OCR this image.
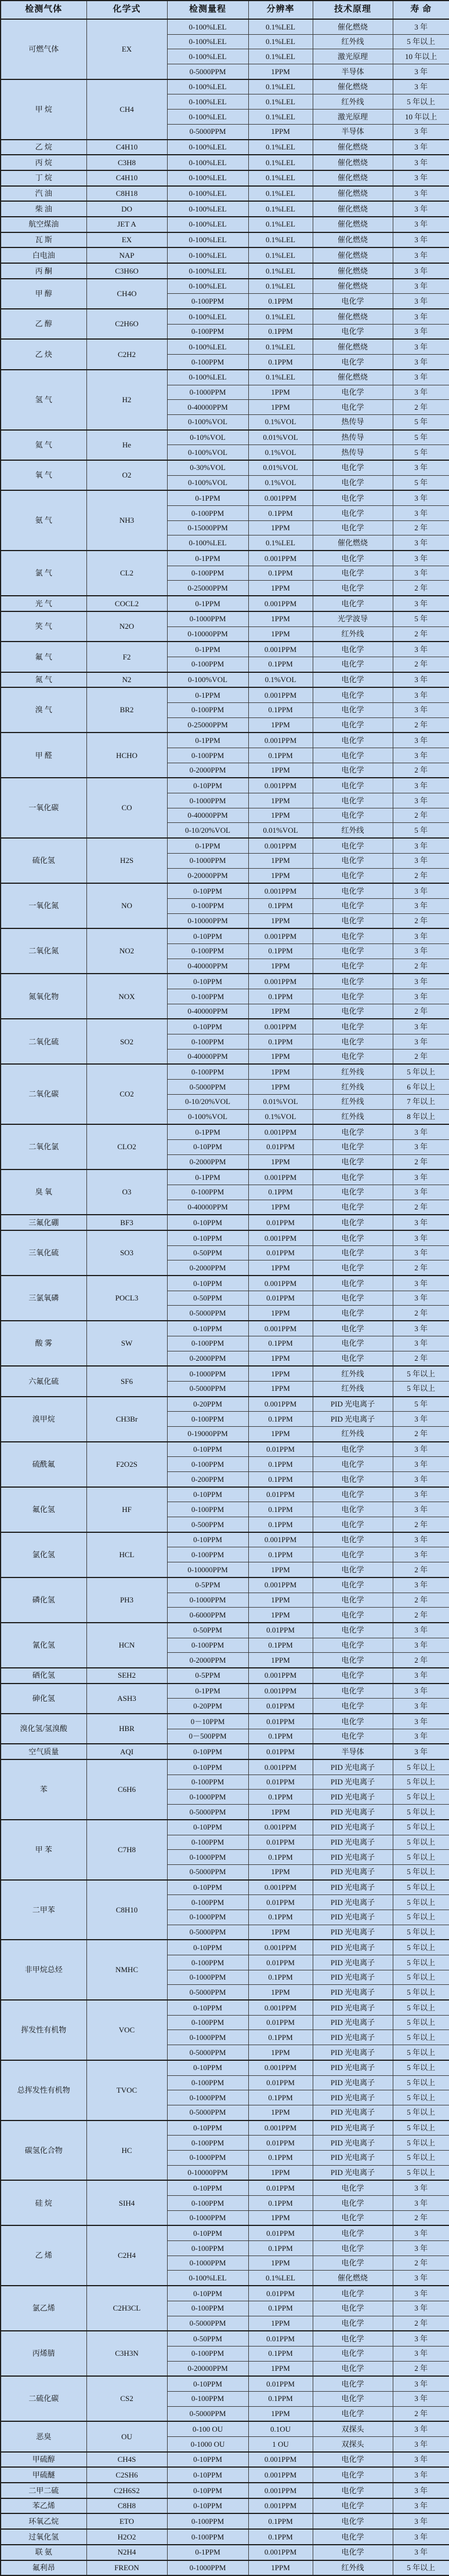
检测气体	化学式	检测量程	分辨率	技术原理	寿 命
可燃气体	EX	0-100%LEL	0.1%LEL	催化燃烧	3 年
		0-100%LEL	0.1%LEL	红外线	5 年以上
		0-100%LEL	0.1%LEL	激光原理	10 年以上
		0-5000PPM	1PPM	半导体	3 年
甲 烷	CH4	0-100%LEL	0.1%LEL	催化燃烧	3 年
		0-100%LEL	0.1%LEL	红外线	5 年以上
		0-100%LEL	0.1%LEL	激光原理	10 年以上
		0-5000PPM	1PPM	半导体	3 年
乙 烷	C4H10	0-100%LEL	0.1%LEL	催化燃烧	3 年
丙 烷	C3H8	0-100%LEL	0.1%LEL	催化燃烧	3 年
丁 烷	C4H10	0-100%LEL	0.1%LEL	催化燃烧	3 年
汽 油	C8H18	0-100%LEL	0.1%LEL	催化燃烧	3 年
柴 油	DO	0-100%LEL	0.1%LEL	催化燃烧	3 年
航空煤油	JET A	0-100%LEL	0.1%LEL	催化燃烧	3 年
瓦 斯	EX	0-100%LEL	0.1%LEL	催化燃烧	3 年
白电油	NAP	0-100%LEL	0.1%LEL	催化燃烧	3 年
丙 酮	C3H6O	0-100%LEL	0.1%LEL	催化燃烧	3 年
甲 醇	CH4O	0-100%LEL	0.1%LEL	催化燃烧	3 年
		0-100PPM	0.1PPM	电化学	3 年
乙 醇	C2H6O	0-100%LEL	0.1%LEL	催化燃烧	3 年
		0-100PPM	0.1PPM	电化学	3 年
乙 炔	C2H2	0-100%LEL	0.1%LEL	催化燃烧	3 年
		0-100PPM	0.1PPM	电化学	3 年
氢 气	H2	0-100%LEL	0.1%LEL	催化燃烧	3 年
		0-1000PPM	1PPM	电化学	3 年
		0-40000PPM	1PPM	电化学	2 年
		0-100%VOL	0.1%VOL	热传导	5 年
氦 气	He	0-10%VOL	0.01%VOL	热传导	5 年
		0-100%VOL	0.1%VOL	热传导	5 年
氧 气	O2	0-30%VOL	0.01%VOL	电化学	3 年
		0-100%VOL	0.1%VOL	电化学	5 年
氨 气	NH3	0-1PPM	0.001PPM	电化学	3 年
		0-100PPM	0.1PPM	电化学	3 年
		0-15000PPM	1PPM	电化学	2 年
		0-100%LEL	0.1%LEL	催化燃烧	3 年
氯 气	CL2	0-1PPM	0.001PPM	电化学	3 年
		0-100PPM	0.1PPM	电化学	3 年
		0-25000PPM	1PPM	电化学	2 年
光 气	COCL2	0-1PPM	0.001PPM	电化学	3 年
笑 气	N2O	0-1000PPM	1PPM	光学波导	5 年
		0-10000PPM	1PPM	红外线	2 年
氟 气	F2	0-1PPM	0.001PPM	电化学	3 年
		0-100PPM	0.1PPM	电化学	2 年
氮 气	N2	0-100%VOL	0.1%VOL	电化学	3 年
溴 气	BR2	0-1PPM	0.001PPM	电化学	3 年
		0-100PPM	0.1PPM	电化学	3 年
		0-25000PPM	1PPM	电化学	2 年
甲 醛	HCHO	0-1PPM	0.001PPM	电化学	3 年
		0-100PPM	0.1PPM	电化学	3 年
		0-2000PPM	1PPM	电化学	2 年
一氧化碳	CO	0-10PPM	0.001PPM	电化学	3 年
		0-1000PPM	1PPM	电化学	3 年
		0-40000PPM	1PPM	电化学	2 年
		0-10/20%VOL	0.01%VOL	红外线	5 年
硫化氢	H2S	0-1PPM	0.001PPM	电化学	3 年
		0-1000PPM	1PPM	电化学	3 年
		0-20000PPM	1PPM	电化学	2 年
一氧化氮	NO	0-10PPM	0.001PPM	电化学	3 年
		0-100PPM	0.1PPM	电化学	3 年
		0-10000PPM	1PPM	电化学	2 年
二氧化氮	NO2	0-10PPM	0.001PPM	电化学	3 年
		0-100PPM	0.1PPM	电化学	3 年
		0-40000PPM	1PPM	电化学	2 年
氮氧化物	NOX	0-10PPM	0.001PPM	电化学	3 年
		0-100PPM	0.1PPM	电化学	3 年
		0-40000PPM	1PPM	电化学	2 年
二氧化硫	SO2	0-10PPM	0.001PPM	电化学	3 年
		0-100PPM	0.1PPM	电化学	3 年
		0-40000PPM	1PPM	电化学	2 年
二氧化碳	CO2	0-100PPM	1PPM	红外线	5 年以上
		0-5000PPM	1PPM	红外线	6 年以上
		0-10/20%VOL	0.01%VOL	红外线	7 年以上
		0-100%VOL	0.1%VOL	红外线	8 年以上
二氧化氯	CLO2	0-1PPM	0.001PPM	电化学	3 年
		0-10PPM	0.01PPM	电化学	3 年
		0-2000PPM	1PPM	电化学	2 年
臭 氧	O3	0-1PPM	0.001PPM	电化学	3 年
		0-100PPM	0.1PPM	电化学	3 年
		0-40000PPM	1PPM	电化学	2 年
三氟化硼	BF3	0-10PPM	0.01PPM	电化学	3 年
三氧化硫	SO3	0-10PPM	0.001PPM	电化学	3 年
		0-50PPM	0.01PPM	电化学	3 年
		0-2000PPM	1PPM	电化学	2 年
三氯氧磷	POCL3	0-10PPM	0.001PPM	电化学	3 年
		0-50PPM	0.01PPM	电化学	3 年
		0-5000PPM	1PPM	电化学	2 年
酸 雾	SW	0-10PPM	0.001PPM	电化学	3 年
		0-100PPM	0.1PPM	电化学	3 年
		0-2000PPM	1PPM	电化学	2 年
六氟化硫	SF6	0-1000PPM	1PPM	红外线	5 年以上
		0-5000PPM	1PPM	红外线	5 年以上
溴甲烷	CH3Br	0-20PPM	0.001PPM	PID 光电离子	5 年
		0-100PPM	0.1PPM	PID 光电离子	3 年
		0-19000PPM	1PPM	红外线	2 年
硫酰氟	F2O2S	0-10PPM	0.01PPM	电化学	3 年
		0-100PPM	0.1PPM	电化学	3 年
		0-200PPM	0.1PPM	电化学	3 年
氟化氢	HF	0-10PPM	0.01PPM	电化学	3 年
		0-100PPM	0.1PPM	电化学	3 年
		0-500PPM	0.1PPM	电化学	2 年
氯化氢	HCL	0-10PPM	0.001PPM	电化学	3 年
		0-100PPM	0.1PPM	电化学	3 年
		0-10000PPM	1PPM	电化学	2 年
磷化氢	PH3	0-5PPM	0.001PPM	电化学	3 年
		0-1000PPM	1PPM	电化学	2 年
		0-6000PPM	1PPM	电化学	2 年
氰化氢	HCN	0-50PPM	0.01PPM	电化学	3 年
		0-100PPM	0.1PPM	电化学	3 年
		0-2000PPM	1PPM	电化学	2 年
硒化氢	SEH2	0-5PPM	0.001PPM	电化学	3 年
砷化氢	ASH3	0-1PPM	0.001PPM	电化学	3 年
		0-20PPM	0.01PPM	电化学	3 年
溴化氢/氢溴酸	HBR	0－10PPM	0.01PPM	电化学	3 年
		0－500PPM	0.1PPM	电化学	3 年
空气质量	AQI	0-10PPM	0.01PPM	半导体	3 年
苯	C6H6	0-10PPM	0.001PPM	PID 光电离子	5 年以上
		0-100PPM	0.01PPM	PID 光电离子	5 年以上
		0-1000PPM	0.1PPM	PID 光电离子	5 年以上
		0-5000PPM	1PPM	PID 光电离子	5 年以上
甲 苯	C7H8	0-10PPM	0.001PPM	PID 光电离子	5 年以上
		0-100PPM	0.01PPM	PID 光电离子	5 年以上
		0-1000PPM	0.1PPM	PID 光电离子	5 年以上
		0-5000PPM	1PPM	PID 光电离子	5 年以上
二甲苯	C8H10	0-10PPM	0.001PPM	PID 光电离子	5 年以上
		0-100PPM	0.01PPM	PID 光电离子	5 年以上
		0-1000PPM	0.1PPM	PID 光电离子	5 年以上
		0-5000PPM	1PPM	PID 光电离子	5 年以上
非甲烷总烃	NMHC	0-10PPM	0.001PPM	PID 光电离子	5 年以上
		0-100PPM	0.01PPM	PID 光电离子	5 年以上
		0-1000PPM	0.1PPM	PID 光电离子	5 年以上
		0-5000PPM	1PPM	PID 光电离子	5 年以上
挥发性有机物	VOC	0-10PPM	0.001PPM	PID 光电离子	5 年以上
		0-100PPM	0.01PPM	PID 光电离子	5 年以上
		0-1000PPM	0.1PPM	PID 光电离子	5 年以上
		0-5000PPM	1PPM	PID 光电离子	5 年以上
总挥发性有机物	TVOC	0-10PPM	0.001PPM	PID 光电离子	5 年以上
		0-100PPM	0.01PPM	PID 光电离子	5 年以上
		0-1000PPM	0.1PPM	PID 光电离子	5 年以上
		0-5000PPM	1PPM	PID 光电离子	5 年以上
碳氢化合物	HC	0-10PPM	0.001PPM	PID 光电离子	5 年以上
		0-100PPM	0.01PPM	PID 光电离子	5 年以上
		0-1000PPM	0.1PPM	PID 光电离子	5 年以上
		0-10000PPM	1PPM	PID 光电离子	5 年以上
硅 烷	SIH4	0-10PPM	0.01PPM	电化学	3 年
		0-100PPM	0.1PPM	电化学	3 年
		0-1000PPM	1PPM	电化学	2 年
乙 烯	C2H4	0-10PPM	0.01PPM	电化学	3 年
		0-100PPM	0.1PPM	电化学	3 年
		0-1000PPM	1PPM	电化学	2 年
		0-100%LEL	0.1%LEL	催化燃烧	3 年
氯乙烯	C2H3CL	0-10PPM	0.01PPM	电化学	3 年
		0-100PPM	0.1PPM	电化学	3 年
		0-5000PPM	1PPM	电化学	2 年
丙烯腈	C3H3N	0-50PPM	0.01PPM	电化学	3 年
		0-100PPM	0.1PPM	电化学	3 年
		0-20000PPM	1PPM	电化学	2 年
二硫化碳	CS2	0-10PPM	0.01PPM	电化学	3 年
		0-100PPM	0.1PPM	电化学	3 年
		0-5000PPM	1PPM	电化学	2 年
恶臭	OU	0-100 OU	0.1OU	双探头	3 年
		0-1000 OU	1 OU	双探头	3 年
甲硫醇	CH4S	0-10PPM	0.001PPM	电化学	3 年
甲硫醚	C2SH6	0-10PPM	0.001PPM	电化学	3 年
二甲二硫	C2H6S2	0-10PPM	0.001PPM	电化学	3 年
苯乙烯	C8H8	0-10PPM	0.001PPM	电化学	3 年
环氧乙烷	ETO	0-100PPM	0.1PPM	电化学	3 年
过氧化氢	H2O2	0-100PPM	0.1PPM	电化学	3 年
联 氨	N2H4	0-1PPM	0.001PPM	电化学	3 年
氟利昂	FREON	0-1000PPM	1PPM	红外线	5 年以上
